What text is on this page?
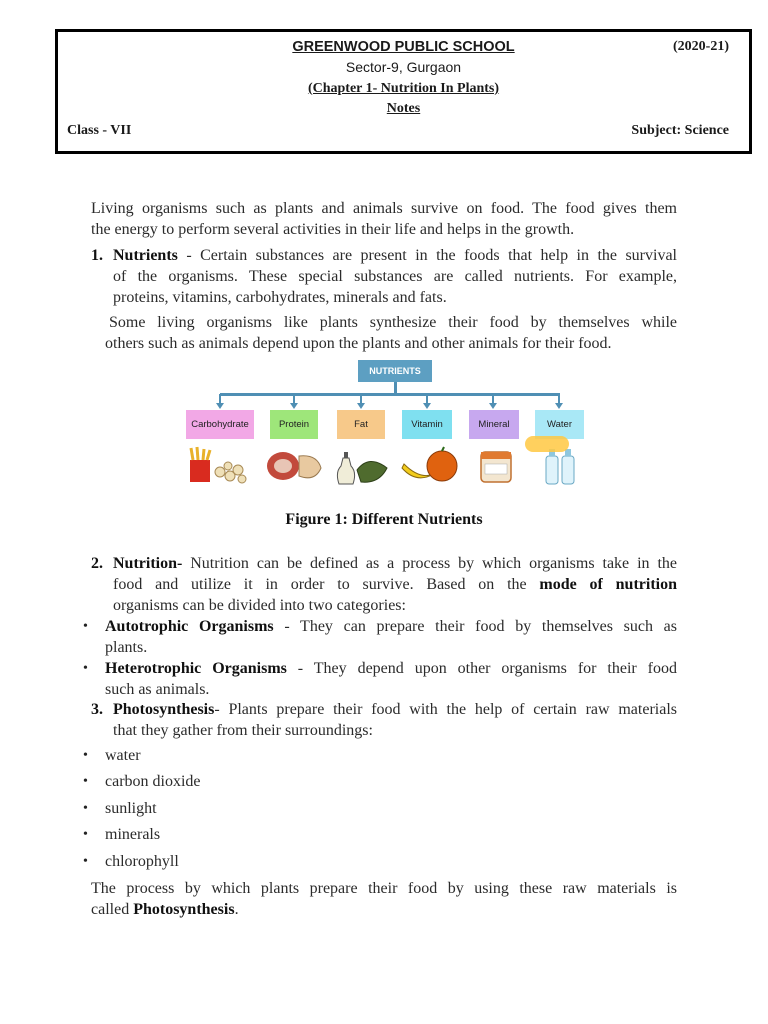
GREENWOOD PUBLIC SCHOOL	(2020-21)
Sector-9, Gurgaon
(Chapter 1- Nutrition In Plants)
Notes
Class - VII	Subject: Science
Living organisms such as plants and animals survive on food. The food gives them
the energy to perform several activities in their life and helps in the growth.
1. Nutrients - Certain substances are present in the foods that help in the survival
of the organisms. These special substances are called nutrients. For example,
proteins, vitamins, carbohydrates, minerals and fats.
Some living organisms like plants synthesize their food by themselves while
others such as animals depend upon the plants and other animals for their food.
NUTRIENTS
Carbohydrate	Protein	Fat	Vitamin	Mineral	Water
Figure 1: Different Nutrients
2. Nutrition- Nutrition can be defined as a process by which organisms take in the
food and utilize it in order to survive. Based on the mode of nutrition
organisms can be divided into two categories:
• Autotrophic Organisms - They can prepare their food by themselves such as
plants.
• Heterotrophic Organisms - They depend upon other organisms for their food
such as animals.
3. Photosynthesis- Plants prepare their food with the help of certain raw materials
that they gather from their surroundings:
• water
• carbon dioxide
• sunlight
• minerals
• chlorophyll
The process by which plants prepare their food by using these raw materials is
called Photosynthesis.
